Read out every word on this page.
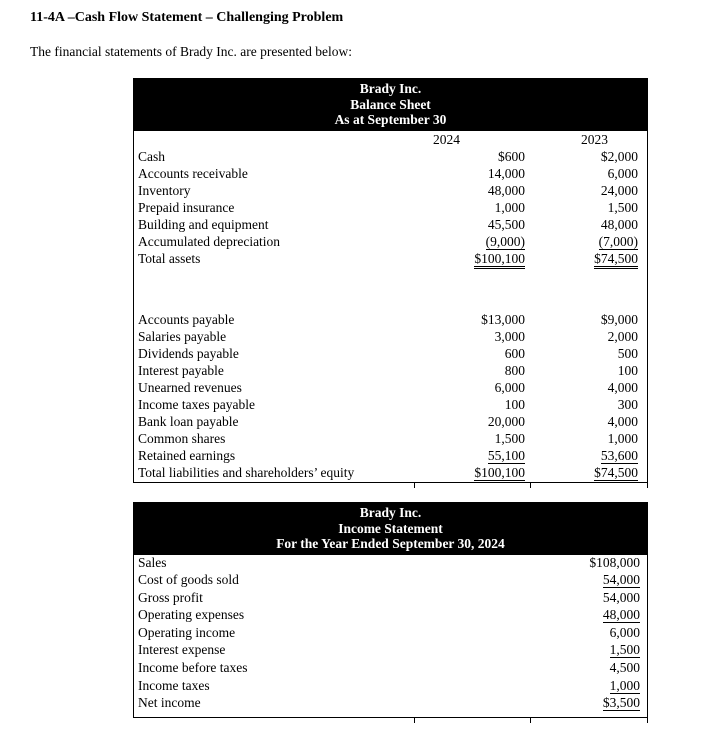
11-4A –Cash Flow Statement – Challenging Problem

The financial statements of Brady Inc. are presented below:

Brady Inc.
Balance Sheet
As at September 30
2024	2023
Cash	$600	$2,000
Accounts receivable	14,000	6,000
Inventory	48,000	24,000
Prepaid insurance	1,000	1,500
Building and equipment	45,500	48,000
Accumulated depreciation	(9,000)	(7,000)
Total assets	$100,100	$74,500
Accounts payable	$13,000	$9,000
Salaries payable	3,000	2,000
Dividends payable	600	500
Interest payable	800	100
Unearned revenues	6,000	4,000
Income taxes payable	100	300
Bank loan payable	20,000	4,000
Common shares	1,500	1,000
Retained earnings	55,100	53,600
Total liabilities and shareholders’ equity	$100,100	$74,500
Brady Inc.
Income Statement
For the Year Ended September 30, 2024
Sales	$108,000
Cost of goods sold	54,000
Gross profit	54,000
Operating expenses	48,000
Operating income	6,000
Interest expense	1,500
Income before taxes	4,500
Income taxes	1,000
Net income	$3,500
